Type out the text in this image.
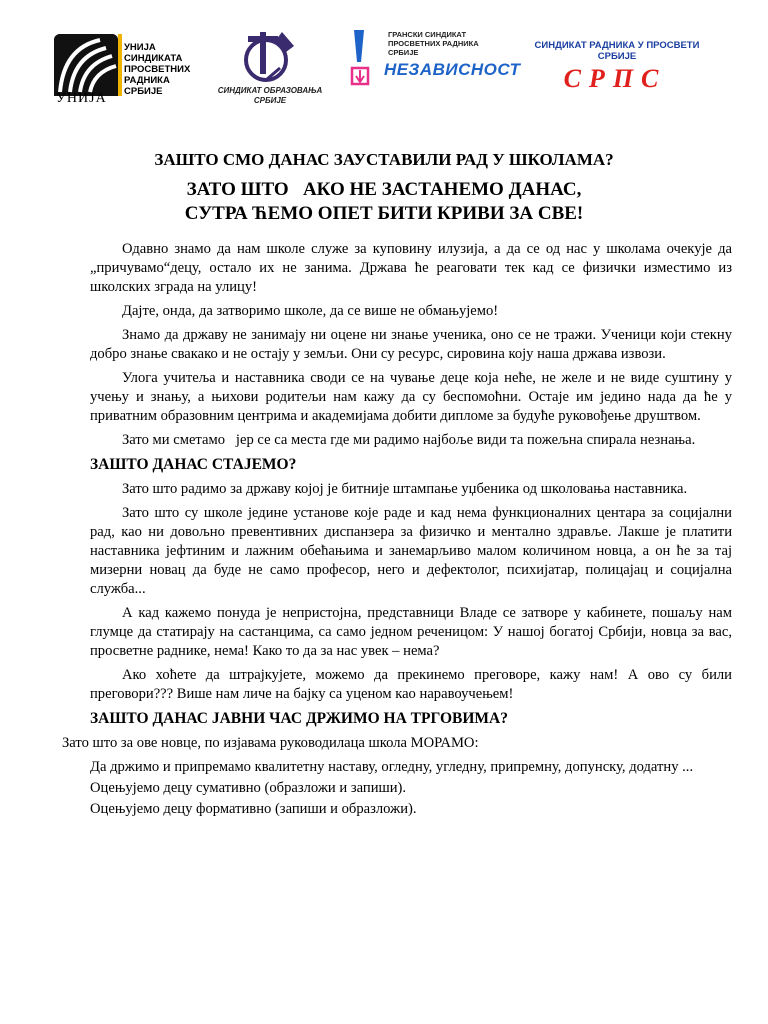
УНИЈА
УНИЈА
СИНДИКАТА
ПРОСВЕТНИХ
РАДНИКА
СРБИЈЕ	СИНДИКАТ ОБРАЗОВАЊА
СРБИЈЕ
ГРАНСКИ СИНДИКАТ
ПРОСВЕТНИХ РАДНИКА СРБИЈЕ
НЕЗАВИСНОСТ
СИНДИКАТ РАДНИКА У ПРОСВЕТИ
СРБИЈЕ
СРПС
ЗАШТО СМО ДАНАС ЗАУСТАВИЛИ РАД У ШКОЛАМА?
ЗАТО ШТО   АКО НЕ ЗАСТАНЕМО ДАНАС,
СУТРА ЋЕМО ОПЕТ БИТИ КРИВИ ЗА СВЕ!

Одавно знамо да нам школе служе за куповину илузија, а да се од нас у школама очекује да „причувамо“децу, остало их не занима. Држава ће реаговати тек кад се физички изместимо из школских зграда на улицу!

Дајте, онда, да затворимо школе, да се више не обмањујемо!

Знамо да државу не занимају ни оцене ни знање ученика, оно се не тражи. Ученици који стекну добро знање свакако и не остају у земљи. Они су ресурс, сировина коју наша држава извози.

Улога учитеља и наставника своди се на чување деце која неће, не желе и не виде суштину у учењу и знању, а њихови родитељи нам кажу да су беспомоћни. Остаје им једино нада да ће у приватним образовним центрима и академијама добити дипломе за будуће руковођење друштвом.

Зато ми сметамо   јер се са места где ми радимо најбоље види та пожељна спирала незнања.

ЗАШТО ДАНАС СТАЈЕМО?

Зато што радимо за државу којој је битније штампање уџбеника од школовања наставника.

Зато што су школе једине установе које раде и кад нема функционалних центара за социјални рад, као ни довољно превентивних диспанзера за физичко и ментално здравље. Лакше је платити наставника јефтиним и лажним обећањима и занемарљиво малом количином новца, а он ће за тај мизерни новац да буде не само професор, него и дефектолог, психијатар, полицајац и социјална служба...

А кад кажемо понуда је непристојна, представници Владе се затворе у кабинете, пошаљу нам глумце да статирају на састанцима, са само једном реченицом: У нашој богатој Србији, новца за вас, просветне раднике, нема! Како то да за нас увек – нема?

Ако хоћете да штрајкујете, можемо да прекинемо преговоре, кажу нам! А ово су били преговори??? Више нам личе на бајку са уценом као наравоучењем!

ЗАШТО ДАНАС ЈАВНИ ЧАС ДРЖИМО НА ТРГОВИМА?

Зато што за ове новце, по изјавама руководилаца школа МОРАМО:

Да држимо и припремамо квалитетну наставу, огледну, угледну, припремну, допунску, додатну ...

Оцењујемо децу сумативно (образложи и запиши).

Оцењујемо децу формативно (запиши и образложи).
